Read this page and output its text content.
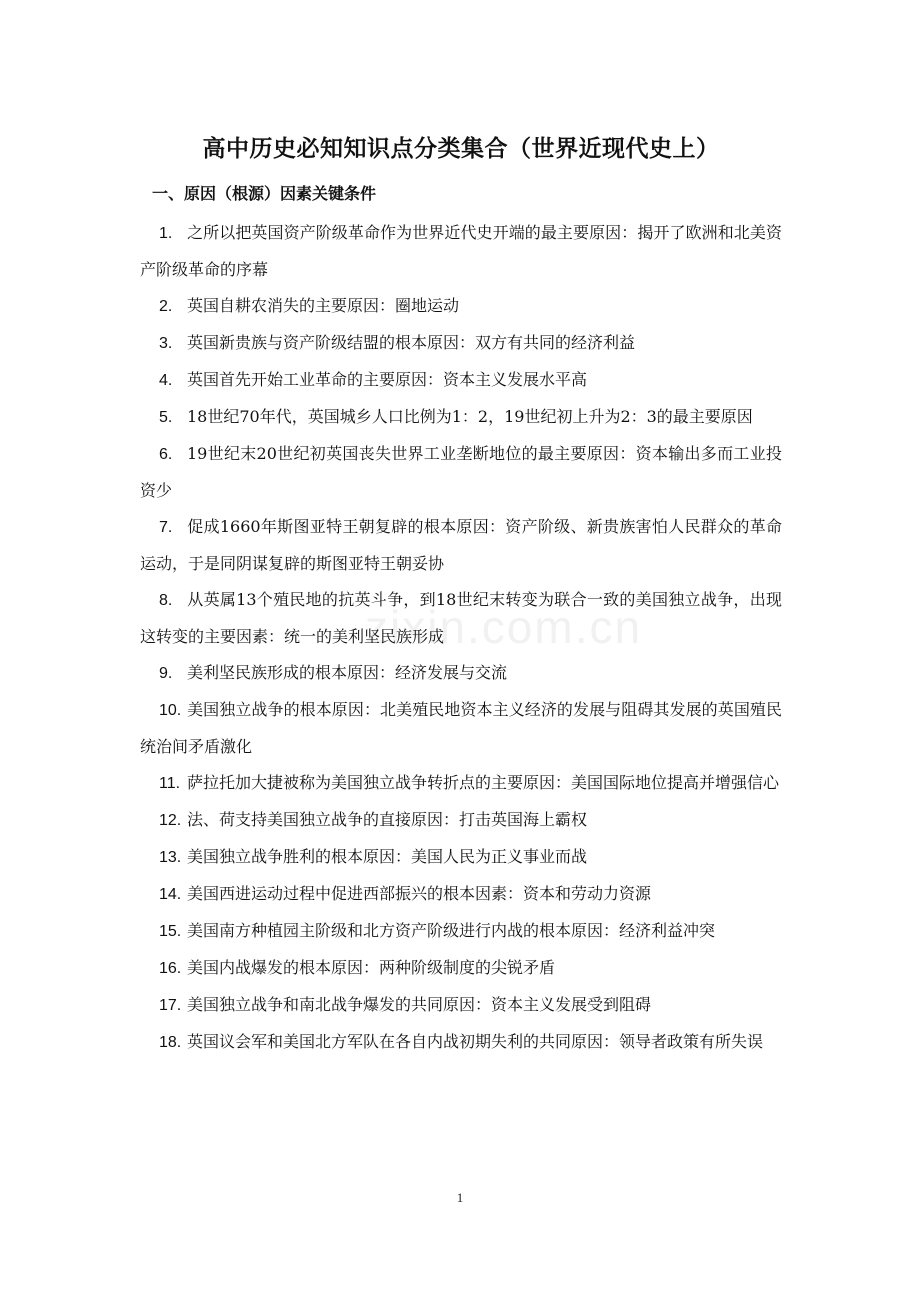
高中历史必知知识点分类集合（世界近现代史上）
一、原因（根源）因素关键条件
1. 之所以把英国资产阶级革命作为世界近代史开端的最主要原因：揭开了欧洲和北美资产阶级革命的序幕
2. 英国自耕农消失的主要原因：圈地运动
3. 英国新贵族与资产阶级结盟的根本原因：双方有共同的经济利益
4. 英国首先开始工业革命的主要原因：资本主义发展水平高
5. 18世纪70年代，英国城乡人口比例为1：2，19世纪初上升为2：3的最主要原因
6. 19世纪末20世纪初英国丧失世界工业垄断地位的最主要原因：资本输出多而工业投资少
7. 促成1660年斯图亚特王朝复辟的根本原因：资产阶级、新贵族害怕人民群众的革命运动，于是同阴谋复辟的斯图亚特王朝妥协
8. 从英属13个殖民地的抗英斗争，到18世纪末转变为联合一致的美国独立战争，出现这转变的主要因素：统一的美利坚民族形成
9. 美利坚民族形成的根本原因：经济发展与交流
10. 美国独立战争的根本原因：北美殖民地资本主义经济的发展与阻碍其发展的英国殖民统治间矛盾激化
11. 萨拉托加大捷被称为美国独立战争转折点的主要原因：美国国际地位提高并增强信心
12. 法、荷支持美国独立战争的直接原因：打击英国海上霸权
13. 美国独立战争胜利的根本原因：美国人民为正义事业而战
14. 美国西进运动过程中促进西部振兴的根本因素：资本和劳动力资源
15. 美国南方种植园主阶级和北方资产阶级进行内战的根本原因：经济利益冲突
16. 美国内战爆发的根本原因：两种阶级制度的尖锐矛盾
17. 美国独立战争和南北战争爆发的共同原因：资本主义发展受到阻碍
18. 英国议会军和美国北方军队在各自内战初期失利的共同原因：领导者政策有所失误
zixin.com.cn
1
